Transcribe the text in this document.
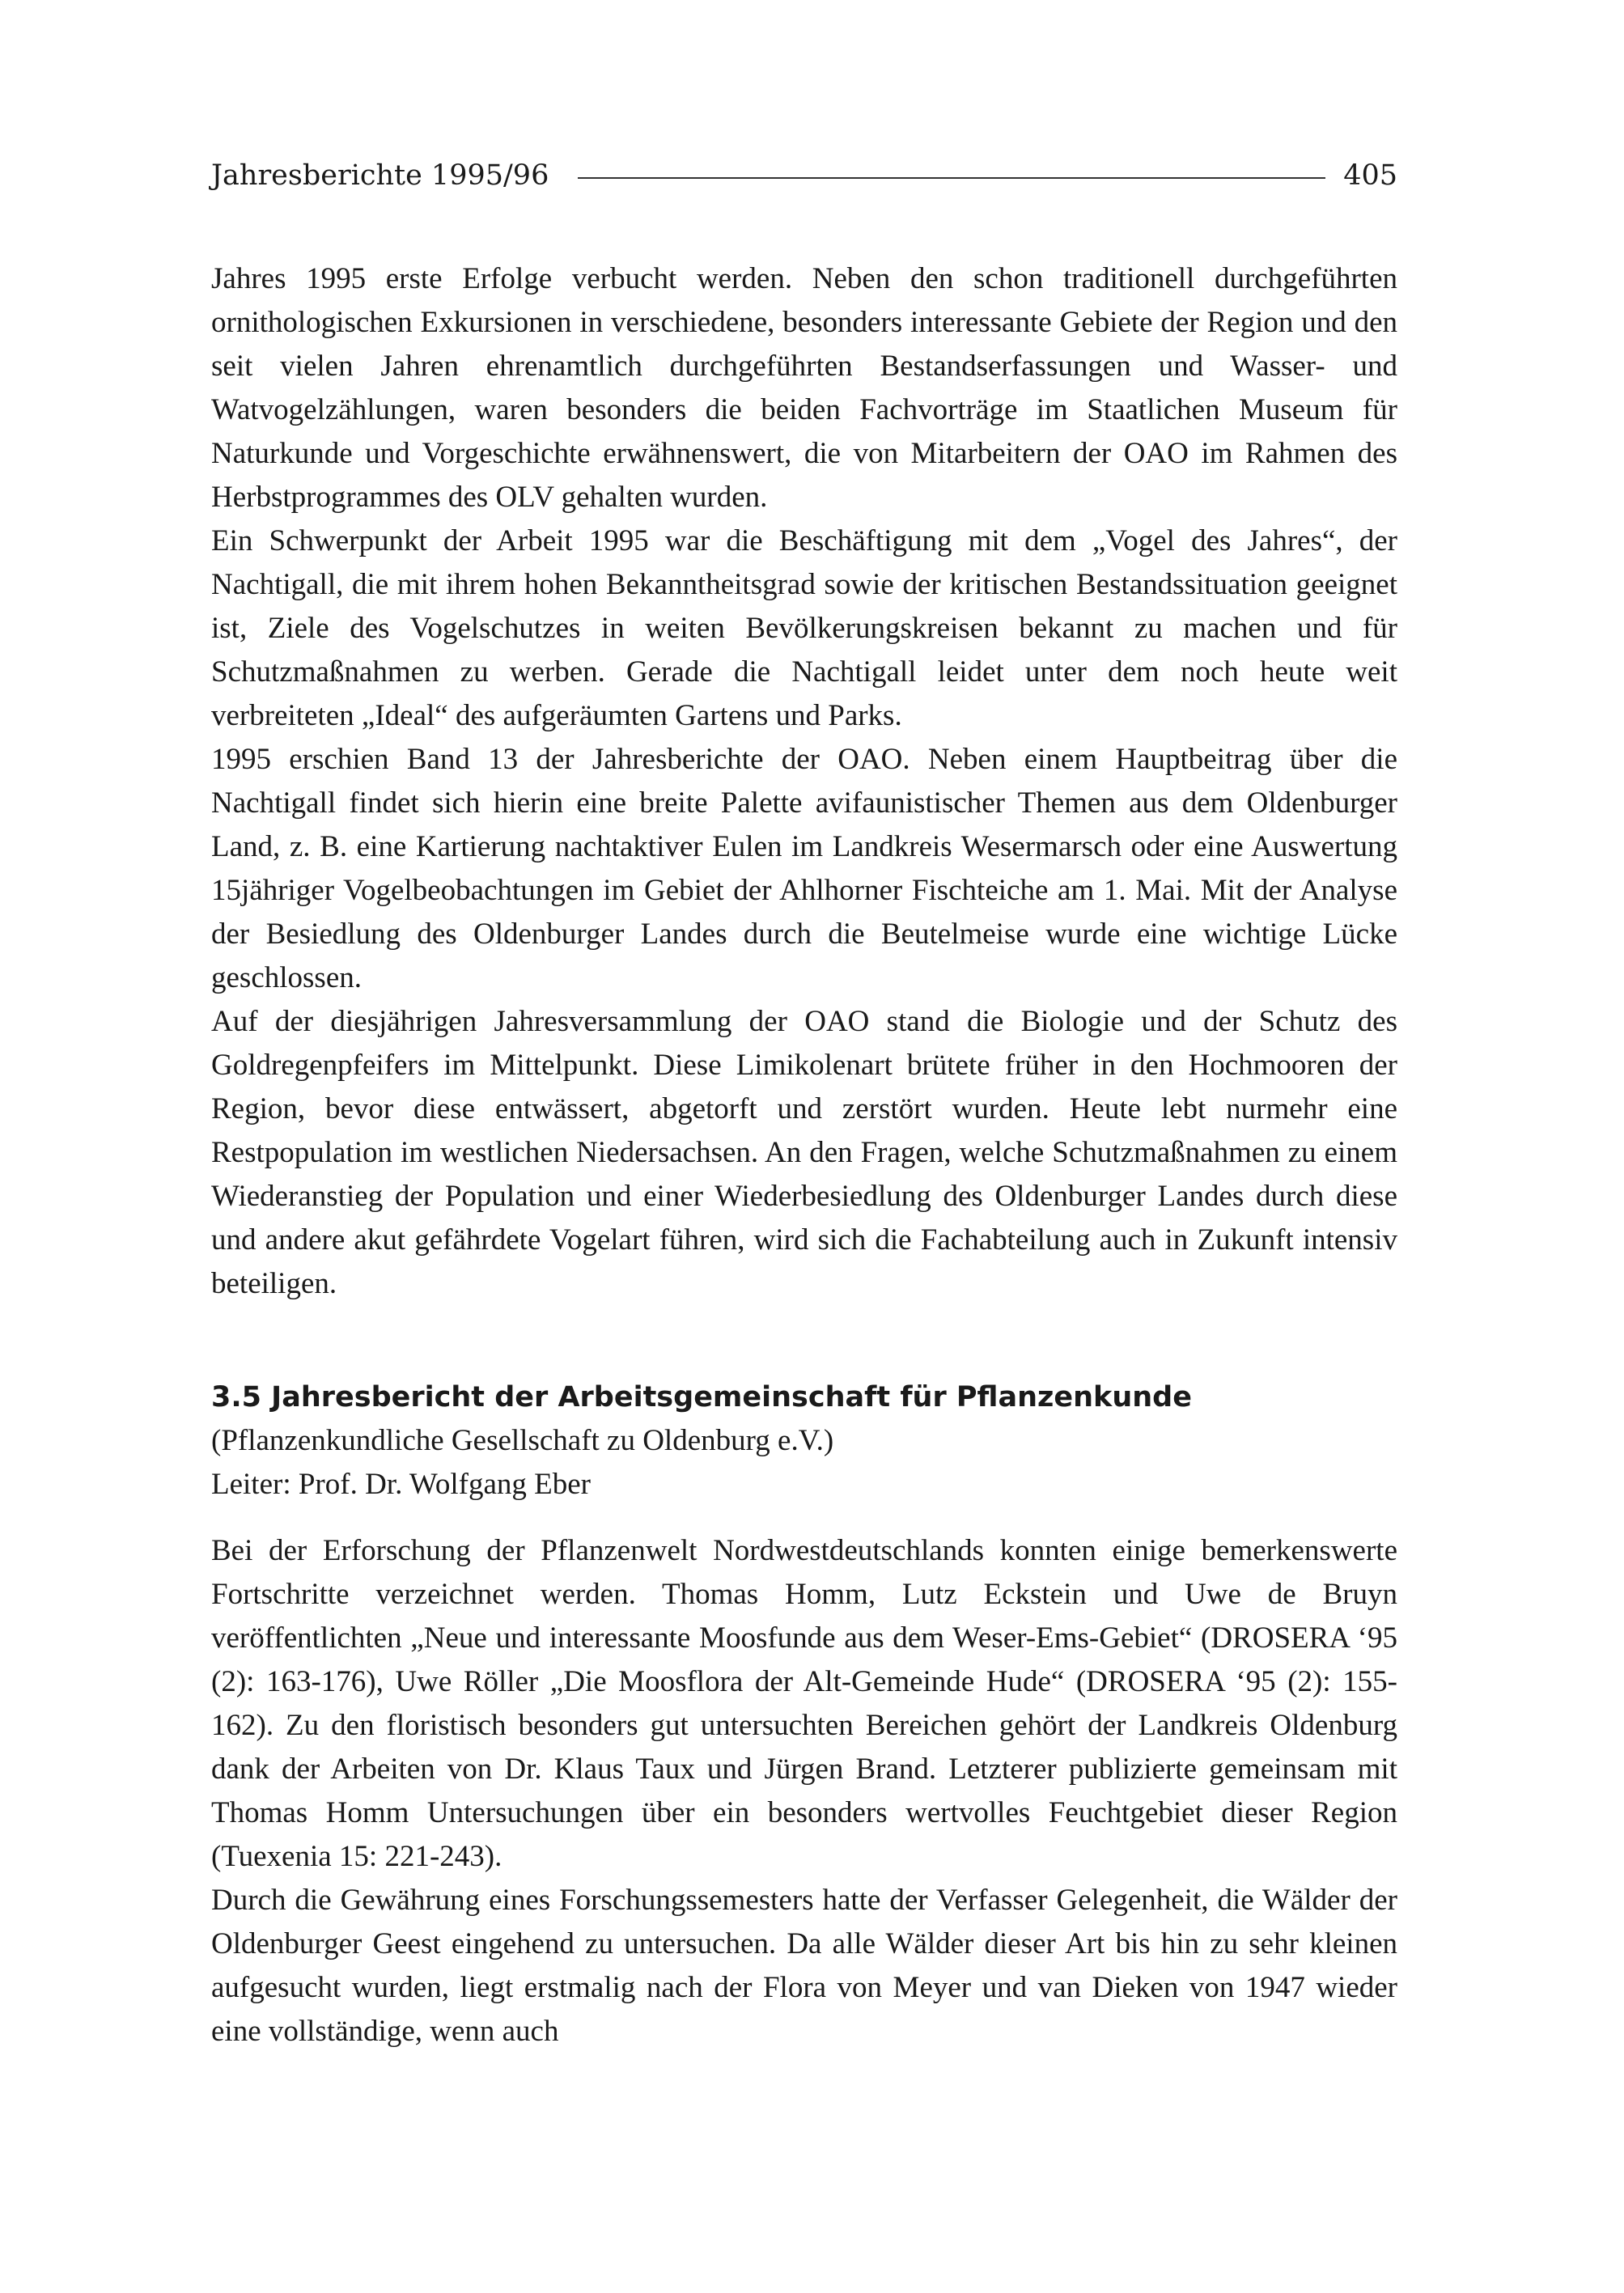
Jahresberichte 1995/96	405

Jahres 1995 erste Erfolge verbucht werden. Neben den schon traditionell durchgeführten ornithologischen Exkursionen in verschiedene, besonders interessante Gebiete der Region und den seit vielen Jahren ehrenamtlich durchgeführten Bestandserfassungen und Wasser- und Watvogelzählungen, waren besonders die beiden Fachvorträge im Staatlichen Museum für Naturkunde und Vorgeschichte erwähnenswert, die von Mitarbeitern der OAO im Rahmen des Herbstprogrammes des OLV gehalten wurden.

Ein Schwerpunkt der Arbeit 1995 war die Beschäftigung mit dem „Vogel des Jahres“, der Nachtigall, die mit ihrem hohen Bekanntheitsgrad sowie der kritischen Bestandssituation geeignet ist, Ziele des Vogelschutzes in weiten Bevölkerungskreisen bekannt zu machen und für Schutzmaßnahmen zu werben. Gerade die Nachtigall leidet unter dem noch heute weit verbreiteten „Ideal“ des aufgeräumten Gartens und Parks.

1995 erschien Band 13 der Jahresberichte der OAO. Neben einem Hauptbeitrag über die Nachtigall findet sich hierin eine breite Palette avifaunistischer Themen aus dem Oldenburger Land, z. B. eine Kartierung nachtaktiver Eulen im Landkreis Wesermarsch oder eine Auswertung 15jähriger Vogelbeobachtungen im Gebiet der Ahlhorner Fischteiche am 1. Mai. Mit der Analyse der Besiedlung des Oldenburger Landes durch die Beutelmeise wurde eine wichtige Lücke geschlossen.

Auf der diesjährigen Jahresversammlung der OAO stand die Biologie und der Schutz des Goldregenpfeifers im Mittelpunkt. Diese Limikolenart brütete früher in den Hochmooren der Region, bevor diese entwässert, abgetorft und zerstört wurden. Heute lebt nurmehr eine Restpopulation im westlichen Niedersachsen. An den Fragen, welche Schutzmaßnahmen zu einem Wiederanstieg der Population und einer Wiederbesiedlung des Oldenburger Landes durch diese und andere akut gefährdete Vogelart führen, wird sich die Fachabteilung auch in Zukunft intensiv beteiligen.

3.5 Jahresbericht der Arbeitsgemeinschaft für Pflanzenkunde

(Pflanzenkundliche Gesellschaft zu Oldenburg e.V.)

Leiter: Prof. Dr. Wolfgang Eber

Bei der Erforschung der Pflanzenwelt Nordwestdeutschlands konnten einige bemerkenswerte Fortschritte verzeichnet werden. Thomas Homm, Lutz Eckstein und Uwe de Bruyn veröffentlichten „Neue und interessante Moosfunde aus dem Weser-Ems-Gebiet“ (DROSERA ‘95 (2): 163-176), Uwe Röller „Die Moosflora der Alt-Gemeinde Hude“ (DROSERA ‘95 (2): 155-162). Zu den floristisch besonders gut untersuchten Bereichen gehört der Landkreis Oldenburg dank der Arbeiten von Dr. Klaus Taux und Jürgen Brand. Letzterer publizierte gemeinsam mit Thomas Homm Untersuchungen über ein besonders wertvolles Feuchtgebiet dieser Region (Tuexenia 15: 221-243).

Durch die Gewährung eines Forschungssemesters hatte der Verfasser Gelegenheit, die Wälder der Oldenburger Geest eingehend zu untersuchen. Da alle Wälder dieser Art bis hin zu sehr kleinen aufgesucht wurden, liegt erstmalig nach der Flora von Meyer und van Dieken von 1947 wieder eine vollständige, wenn auch
